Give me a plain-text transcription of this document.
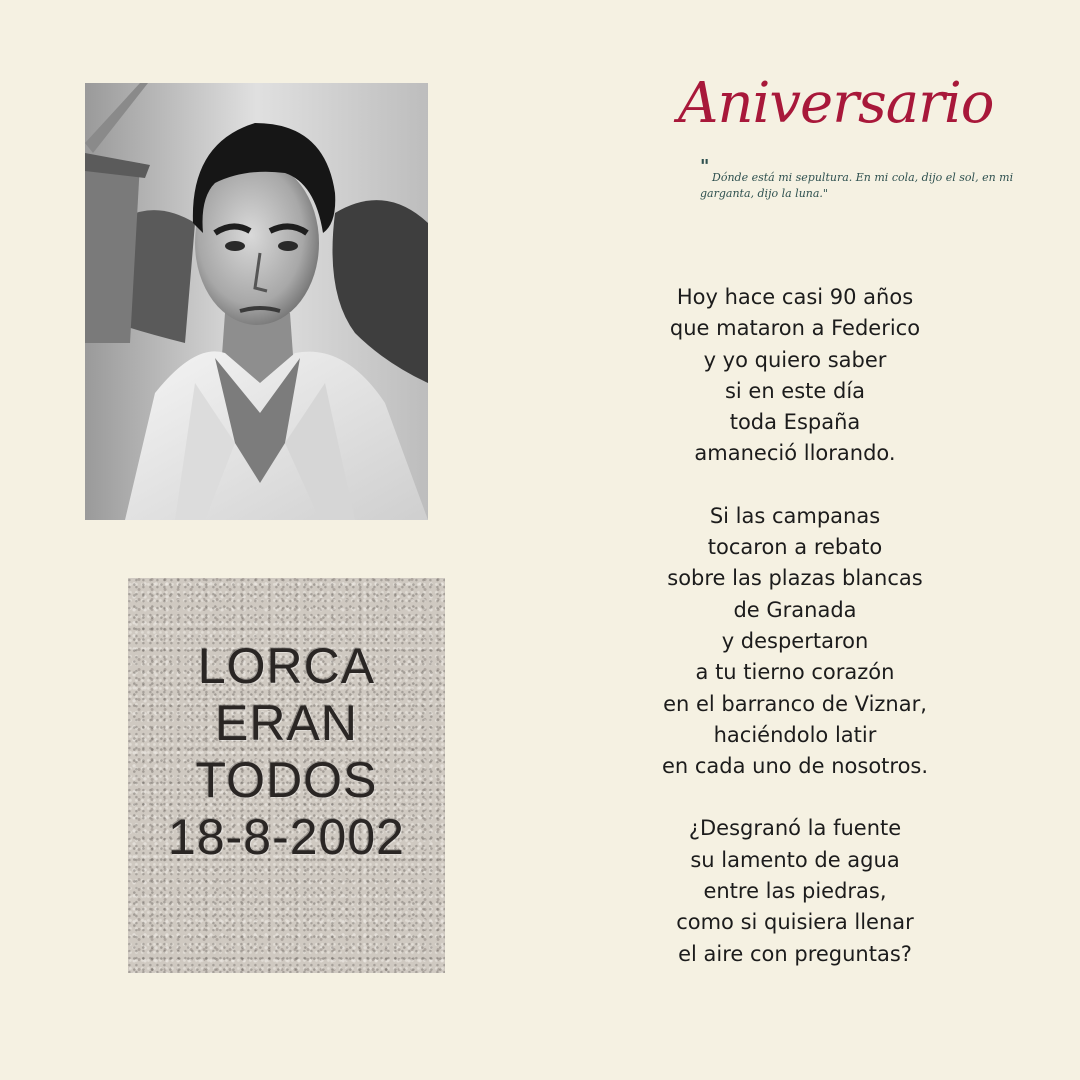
LORCA
ERAN
TODOS
18-8-2002
Aniversario
"
Dónde está mi sepultura. En mi cola, dijo el sol, en mi garganta, dijo la luna."
Hoy hace casi 90 años
que mataron a Federico
y yo quiero saber
si en este día
toda España
amaneció llorando.
Si las campanas
tocaron a rebato
sobre las plazas blancas
de Granada
y despertaron
a tu tierno corazón
en el barranco de Viznar,
haciéndolo latir
en cada uno de nosotros.
¿Desgranó la fuente
su lamento de agua
entre las piedras,
como si quisiera llenar
el aire con preguntas?
